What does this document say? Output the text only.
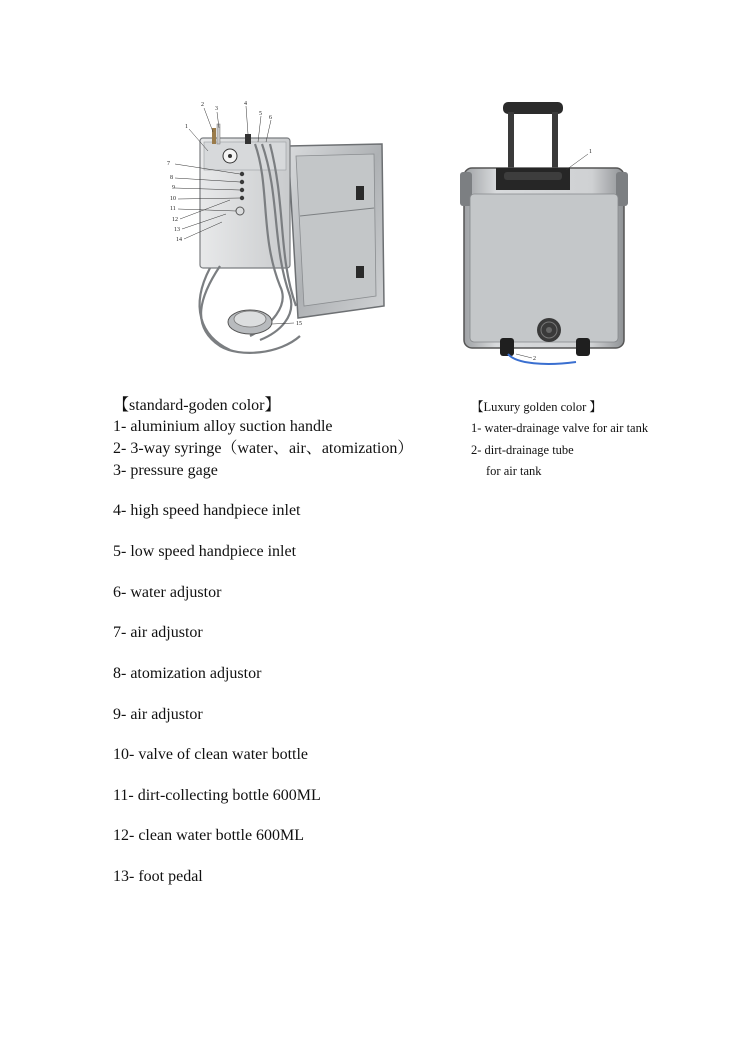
1
2
3
4
5
6
7
8
9
10
11
12
13
14
15
1
2
【standard-goden color】
1- aluminium alloy suction handle
2- 3-way syringe（water、air、atomization）
3- pressure gage
4- high speed handpiece inlet
5- low speed handpiece inlet
6- water adjustor
7- air adjustor
8- atomization adjustor
9- air adjustor
10- valve of clean water bottle
11- dirt-collecting bottle 600ML
12- clean water bottle 600ML
13- foot pedal
【Luxury golden color 】
1- water-drainage valve for air tank
2- dirt-drainage tube
for air tank
